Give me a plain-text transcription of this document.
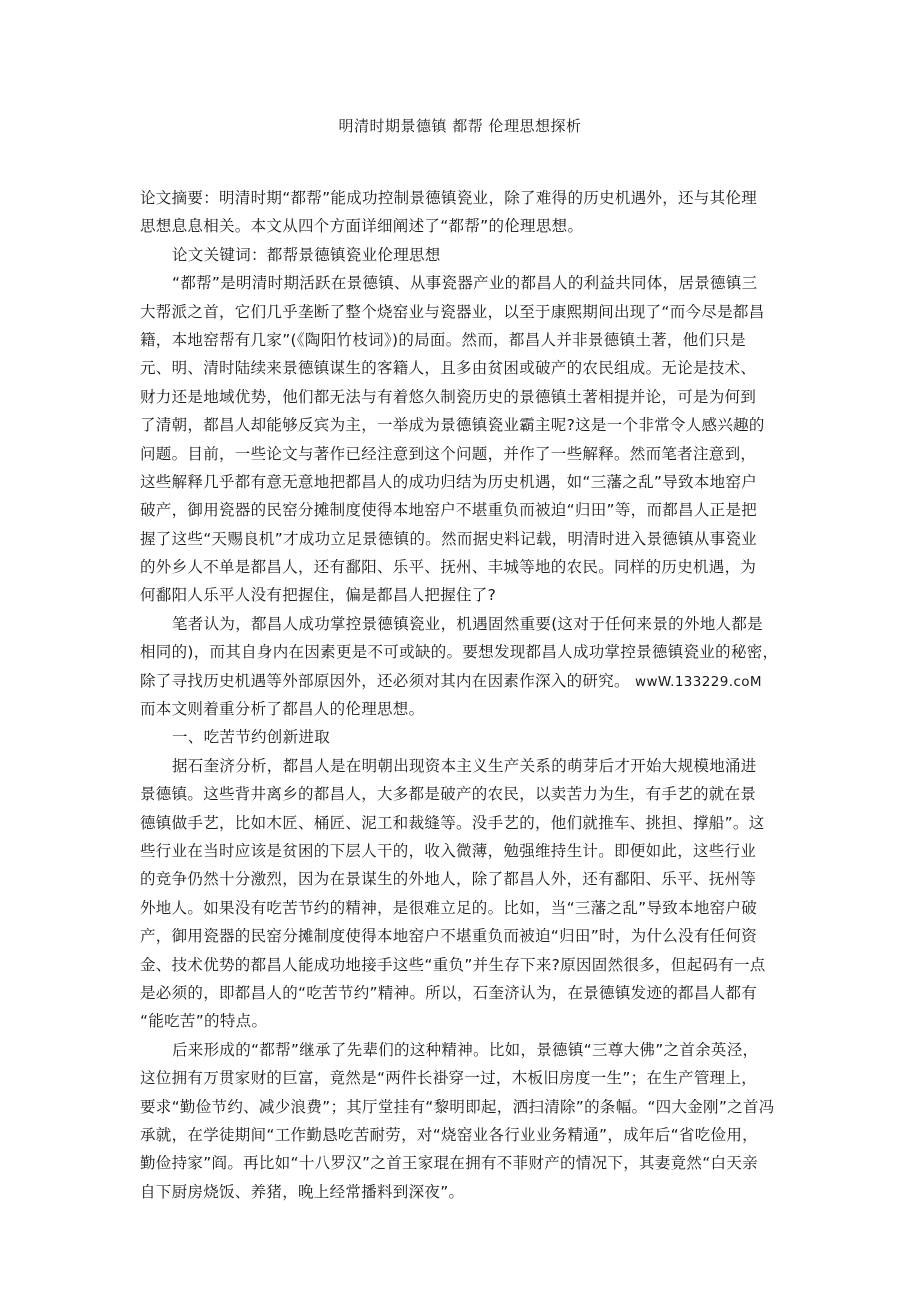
明清时期景德镇 都帮 伦理思想探析
论文摘要：明清时期“都帮”能成功控制景德镇瓷业，除了难得的历史机遇外，还与其伦理
思想息息相关。本文从四个方面详细阐述了“都帮”的伦理思想。
论文关键词：都帮景德镇瓷业伦理思想
“都帮”是明清时期活跃在景德镇、从事瓷器产业的都昌人的利益共同体，居景德镇三
大帮派之首，它们几乎垄断了整个烧窑业与瓷器业，以至于康熙期间出现了“而今尽是都昌
籍，本地窑帮有几家”(《陶阳竹枝词》)的局面。然而，都昌人并非景德镇土著，他们只是
元、明、清时陆续来景德镇谋生的客籍人，且多由贫困或破产的农民组成。无论是技术、
财力还是地域优势，他们都无法与有着悠久制瓷历史的景德镇土著相提并论，可是为何到
了清朝，都昌人却能够反宾为主，一举成为景德镇瓷业霸主呢?这是一个非常令人感兴趣的
问题。目前，一些论文与著作已经注意到这个问题，并作了一些解释。然而笔者注意到，
这些解释几乎都有意无意地把都昌人的成功归结为历史机遇，如“三藩之乱”导致本地窑户
破产，御用瓷器的民窑分摊制度使得本地窑户不堪重负而被迫“归田”等，而都昌人正是把
握了这些“天赐良机”才成功立足景德镇的。然而据史料记载，明清时进入景德镇从事瓷业
的外乡人不单是都昌人，还有鄱阳、乐平、抚州、丰城等地的农民。同样的历史机遇，为
何鄱阳人乐平人没有把握住，偏是都昌人把握住了?
笔者认为，都昌人成功掌控景德镇瓷业，机遇固然重要(这对于任何来景的外地人都是
相同的)，而其自身内在因素更是不可或缺的。要想发现都昌人成功掌控景德镇瓷业的秘密，
除了寻找历史机遇等外部原因外，还必须对其内在因素作深入的研究。 wwW.133229.coM
而本文则着重分析了都昌人的伦理思想。
一、吃苦节约创新进取
据石奎济分析，都昌人是在明朝出现资本主义生产关系的萌芽后才开始大规模地涌进
景德镇。这些背井离乡的都昌人，大多都是破产的农民，以卖苦力为生，有手艺的就在景
德镇做手艺，比如木匠、桶匠、泥工和裁缝等。没手艺的，他们就推车、挑担、撑船”。这
些行业在当时应该是贫困的下层人干的，收入微薄，勉强维持生计。即便如此，这些行业
的竞争仍然十分激烈，因为在景谋生的外地人，除了都昌人外，还有鄱阳、乐平、抚州等
外地人。如果没有吃苦节约的精神，是很难立足的。比如，当“三藩之乱”导致本地窑户破
产，御用瓷器的民窑分摊制度使得本地窑户不堪重负而被迫“归田”时，为什么没有任何资
金、技术优势的都昌人能成功地接手这些“重负”并生存下来?原因固然很多，但起码有一点
是必须的，即都昌人的“吃苦节约”精神。所以，石奎济认为，在景德镇发迹的都昌人都有
“能吃苦”的特点。
后来形成的“都帮”继承了先辈们的这种精神。比如，景德镇“三尊大佛”之首余英泾，
这位拥有万贯家财的巨富，竟然是“两件长褂穿一过，木板旧房度一生”；在生产管理上，
要求“勤俭节约、减少浪费”；其厅堂挂有“黎明即起，洒扫清除”的条幅。“四大金刚”之首冯
承就，在学徒期间“工作勤恳吃苦耐劳，对“烧窑业各行业业务精通”，成年后“省吃俭用，
勤俭持家”阎。再比如“十八罗汉”之首王家琨在拥有不菲财产的情况下，其妻竟然“白天亲
自下厨房烧饭、养猪，晚上经常播料到深夜”。
